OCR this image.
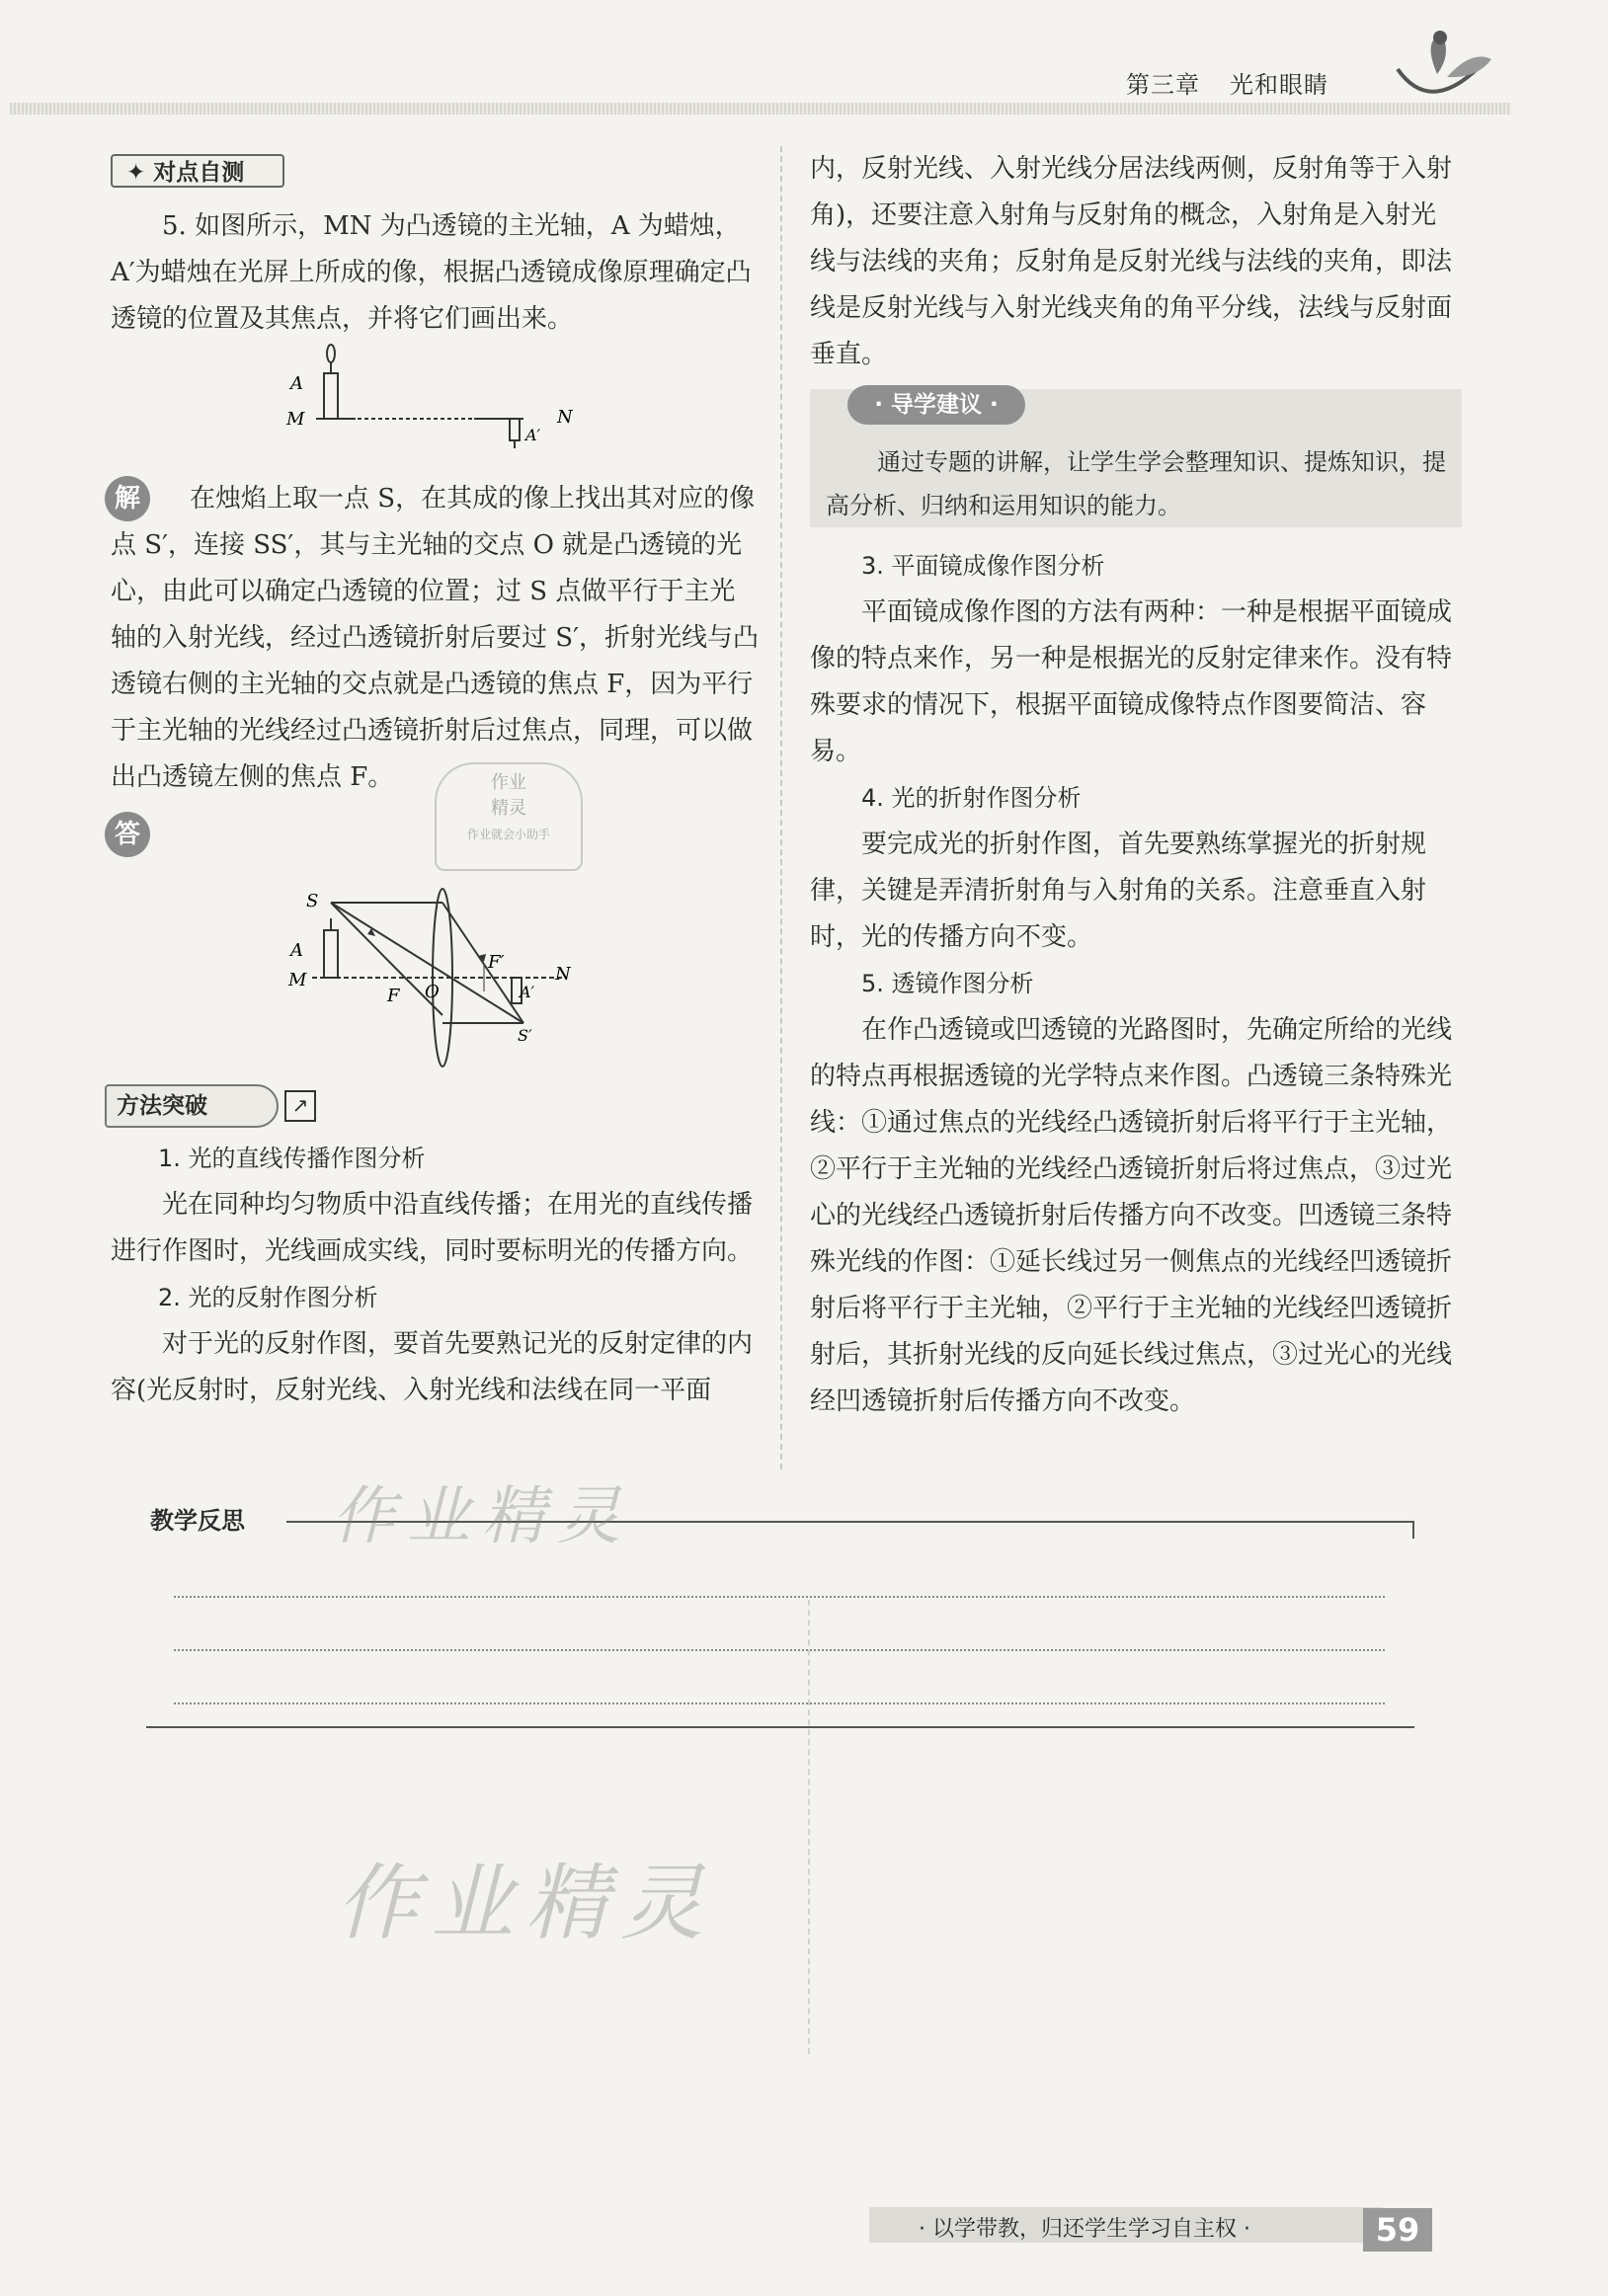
第三章 光和眼睛
✦ 对点自测

5. 如图所示，MN 为凸透镜的主光轴，A 为蜡烛，A′为蜡烛在光屏上所成的像，根据凸透镜成像原理确定凸透镜的位置及其焦点，并将它们画出来。

A
M	N
A′
解	在烛焰上取一点 S，在其成的像上找出其对应的像点 S′，连接 SS′，其与主光轴的交点 O 就是凸透镜的光心，由此可以确定凸透镜的位置；过 S 点做平行于主光轴的入射光线，经过凸透镜折射后要过 S′，折射光线与凸透镜右侧的主光轴的交点就是凸透镜的焦点 F，因为平行于主光轴的光线经过凸透镜折射后过焦点，同理，可以做出凸透镜左侧的焦点 F。

答
S
A
M
F O
F′
N
A′
S′
方法突破	↗
1. 光的直线传播作图分析

光在同种均匀物质中沿直线传播；在用光的直线传播进行作图时，光线画成实线，同时要标明光的传播方向。

2. 光的反射作图分析

对于光的反射作图，要首先要熟记光的反射定律的内容(光反射时，反射光线、入射光线和法线在同一平面

内，反射光线、入射光线分居法线两侧，反射角等于入射角)，还要注意入射角与反射角的概念，入射角是入射光线与法线的夹角；反射角是反射光线与法线的夹角，即法线是反射光线与入射光线夹角的角平分线，法线与反射面垂直。

· 导学建议 ·

通过专题的讲解，让学生学会整理知识、提炼知识，提高分析、归纳和运用知识的能力。

3. 平面镜成像作图分析

平面镜成像作图的方法有两种：一种是根据平面镜成像的特点来作，另一种是根据光的反射定律来作。没有特殊要求的情况下，根据平面镜成像特点作图要简洁、容易。

4. 光的折射作图分析

要完成光的折射作图，首先要熟练掌握光的折射规律，关键是弄清折射角与入射角的关系。注意垂直入射时，光的传播方向不变。

5. 透镜作图分析

在作凸透镜或凹透镜的光路图时，先确定所给的光线的特点再根据透镜的光学特点来作图。凸透镜三条特殊光线：①通过焦点的光线经凸透镜折射后将平行于主光轴，②平行于主光轴的光线经凸透镜折射后将过焦点，③过光心的光线经凸透镜折射后传播方向不改变。凹透镜三条特殊光线的作图：①延长线过另一侧焦点的光线经凹透镜折射后将平行于主光轴，②平行于主光轴的光线经凹透镜折射后，其折射光线的反向延长线过焦点，③过光心的光线经凹透镜折射后传播方向不改变。

教学反思 作业精灵
作业精灵
作业
精灵
作业就会小助手
· 以学带教，归还学生学习自主权 ·	59
